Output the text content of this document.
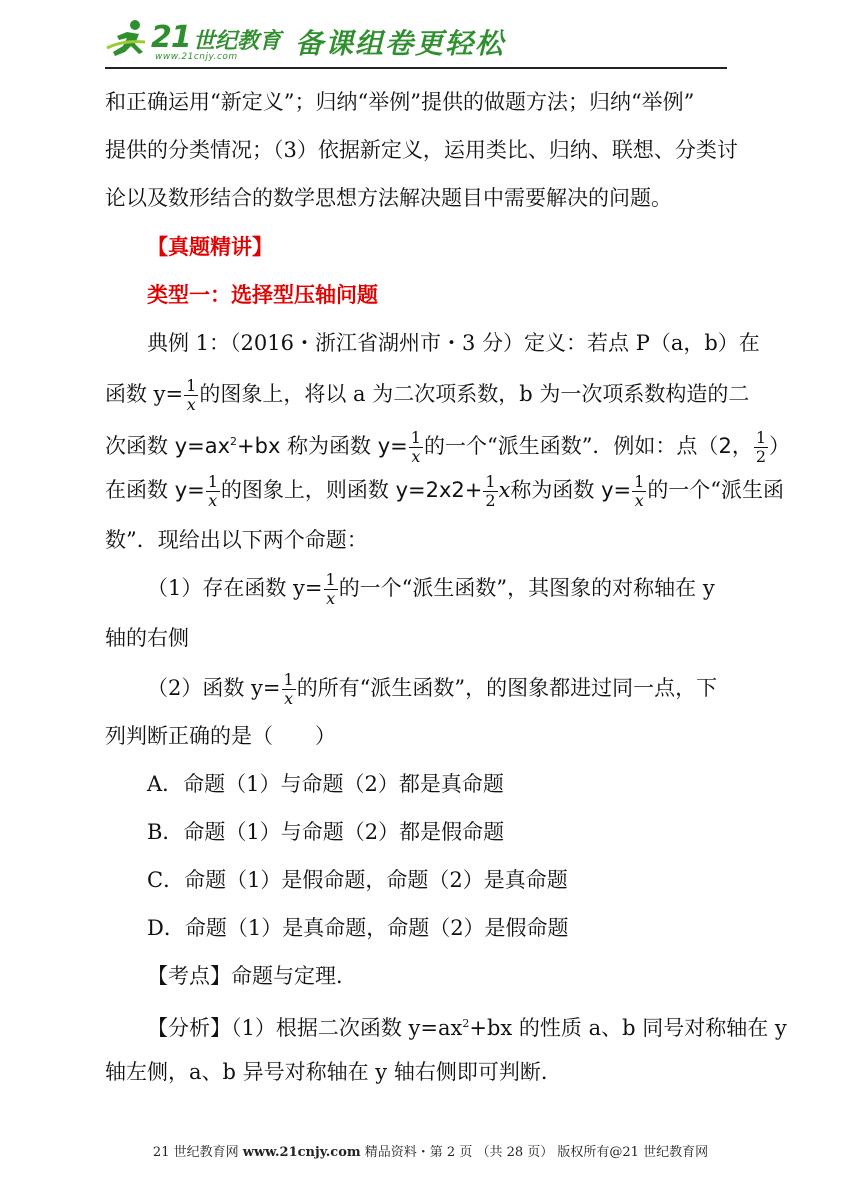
21 世纪教育
www.21cnjy.com 备课组卷更轻松
和正确运用“新定义”；归纳“举例”提供的做题方法；归纳“举例”
提供的分类情况；（3）依据新定义，运用类比、归纳、联想、分类讨
论以及数形结合的数学思想方法解决题目中需要解决的问题。
【真题精讲】
类型一：选择型压轴问题
典例 1：（2016・浙江省湖州市・3 分）定义：若点 P（a，b）在
函数 $y= \frac{1}{x}$ 的图象上，将以 a 为二次项系数，b 为一次项系数构造的二
次函数 $y=ax^2+bx$ 称为函数 $y= \frac{1}{x}$ 的一个“派生函数”．例如：点（2， $\frac{1}{2}$ ）
在函数 $y= \frac{1}{x}$ 的图象上，则函数 $y=2x2+ \frac{1}{2}$ x称为函数 $y= \frac{1}{x}$ 的一个“派生函
数”．现给出以下两个命题：
（1）存在函数 $y= \frac{1}{x}$ 的一个“派生函数”，其图象的对称轴在 y
轴的右侧
（2）函数 $y= \frac{1}{x}$ 的所有“派生函数”，的图象都进过同一点，下
列判断正确的是（　　）
A．命题（1）与命题（2）都是真命题
B．命题（1）与命题（2）都是假命题
C．命题（1）是假命题，命题（2）是真命题
D．命题（1）是真命题，命题（2）是假命题
【考点】命题与定理．
【分析】（1）根据二次函数 $y=ax^2+bx$ 的性质 a、b 同号对称轴在 y
轴左侧，a、b 异号对称轴在 y 轴右侧即可判断．
21 世纪教育网 www.21cnjy.com 精品资料・第 2 页 （共 28 页） 版权所有@21 世纪教育网
